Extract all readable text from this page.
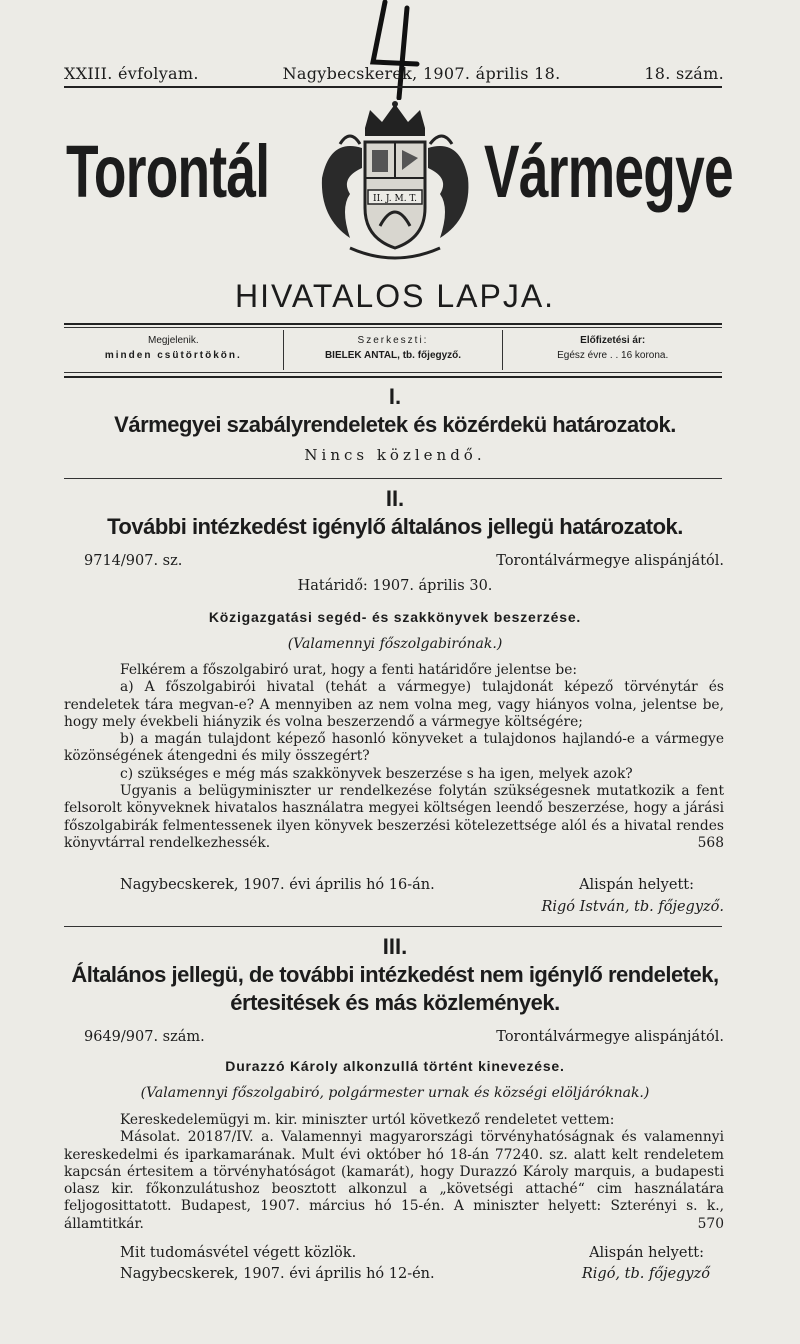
XXIII. évfolyam.	Nagybecskerek, 1907. április 18.	18. szám.
Torontál	Vármegye
II. J. M. T.
HIVATALOS LAPJA.
Megjelenik.
minden csütörtökön.
Szerkeszti:
BIELEK ANTAL, tb. főjegyző.
Előfizetési ár:
Egész évre . . 16 korona.
I.
Vármegyei szabályrendeletek és közérdekü határozatok.
Nincs közlendő.
II.
További intézkedést igénylő általános jellegü határozatok.
9714/907. sz.	Torontálvármegye alispánjától.
Határidő: 1907. április 30.
Közigazgatási segéd- és szakkönyvek beszerzése.
(Valamennyi főszolgabirónak.)

Felkérem a főszolgabiró urat, hogy a fenti határidőre jelentse be:

a) A főszolgabirói hivatal (tehát a vármegye) tulajdonát képező törvénytár és rendeletek tára megvan-e? A mennyiben az nem volna meg, vagy hiányos volna, jelentse be, hogy mely évekbeli hiányzik és volna beszerzendő a vármegye költségére;

b) a magán tulajdont képező hasonló könyveket a tulajdonos hajlandó-e a vármegye közönségének átengedni és mily összegért?

c) szükséges e még más szakkönyvek beszerzése s ha igen, melyek azok?

Ugyanis a belügyminiszter ur rendelkezése folytán szükségesnek mutatkozik a fent felsorolt könyveknek hivatalos használatra megyei költségen leendő beszerzése, hogy a járási főszolgabirák felmentessenek ilyen könyvek beszerzési kötelezettsége alól és a hivatal rendes könyvtárral rendelkezhessék.	568

Nagybecskerek, 1907. évi április hó 16-án.	Alispán helyett:
Rigó István, tb. főjegyző.
III.
Általános jellegü, de további intézkedést nem igénylő rendeletek,
értesitések és más közlemények.
9649/907. szám.	Torontálvármegye alispánjától.
Durazzó Károly alkonzullá történt kinevezése.
(Valamennyi főszolgabiró, polgármester urnak és községi elöljáróknak.)

Kereskedelemügyi m. kir. miniszter urtól következő rendeletet vettem:

Másolat. 20187/IV. a. Valamennyi magyarországi törvényhatóságnak és valamennyi kereskedelmi és iparkamarának. Mult évi október hó 18-án 77240. sz. alatt kelt rendeletem kapcsán értesitem a törvényhatóságot (kamarát), hogy Durazzó Károly marquis, a budapesti olasz kir. főkonzulátushoz beosztott alkonzul a „követségi attaché“ cim használatára feljogosittatott. Budapest, 1907. március hó 15-én. A miniszter helyett: Szterényi s. k., államtitkár.	570

Mit tudomásvétel végett közlök.	Alispán helyett:
Nagybecskerek, 1907. évi április hó 12-én.	Rigó, tb. főjegyző
